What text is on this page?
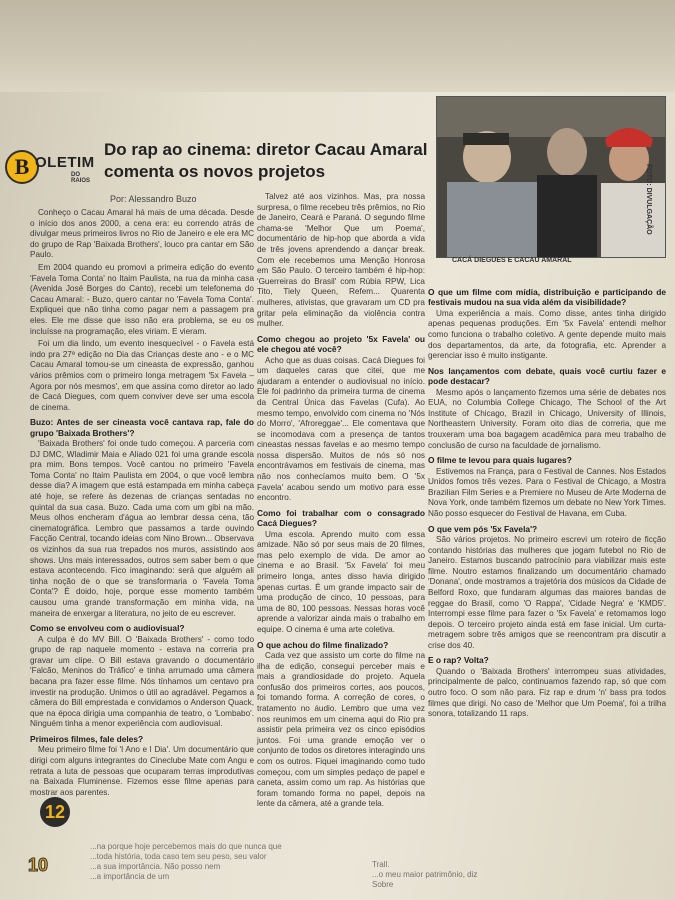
B OLETIM
DO RAIOS
Do rap ao cinema: diretor Cacau Amaral comenta os novos projetos
Por: Alessandro Buzo
CACÁ DIEGUES E CACAU AMARAL
FOTO: DIVULGAÇÃO

Conheço o Cacau Amaral há mais de uma década. Desde o início dos anos 2000, a cena era: eu correndo atrás de divulgar meus primeiros livros no Rio de Janeiro e ele era MC do grupo de Rap 'Baixada Brothers', louco pra cantar em São Paulo.

Em 2004 quando eu promovi a primeira edição do evento 'Favela Toma Conta' no Itaim Paulista, na rua da minha casa (Avenida José Borges do Canto), recebi um telefonema do Cacau Amaral: - Buzo, quero cantar no 'Favela Toma Conta'. Expliquei que não tinha como pagar nem a passagem pra eles. Ele me disse que isso não era problema, se eu os incluísse na programação, eles viriam. E vieram.

Foi um dia lindo, um evento inesquecível - o Favela está indo pra 27ª edição no Dia das Crianças deste ano - e o MC Cacau Amaral tomou-se um cineasta de expressão, ganhou vários prêmios com o primeiro longa metragem '5x Favela – Agora por nós mesmos', em que assina como diretor ao lado de Cacá Diegues, com quem conviver deve ser uma escola de cinema.

Buzo: Antes de ser cineasta você cantava rap, fale do grupo 'Baixada Brothers'?

'Baixada Brothers' foi onde tudo começou. A parceria com DJ DMC, Wladimir Maia e Aliado 021 foi uma grande escola pra mim. Bons tempos. Você cantou no primeiro 'Favela Toma Conta' no Itaim Paulista em 2004, o que você lembra desse dia? A imagem que está estampada em minha cabeça até hoje, se refere às dezenas de crianças sentadas no quintal da sua casa. Buzo. Cada uma com um gibi na mão. Meus olhos encheram d'água ao lembrar dessa cena, tão cinematográfica. Lembro que passamos a tarde ouvindo Facção Central, tocando ideias com Nino Brown... Observava os vizinhos da sua rua trepados nos muros, assistindo aos shows. Uns mais interessados, outros sem saber bem o que estava acontecendo. Fico imaginando: será que alguém ali tinha noção de o que se transformaria o 'Favela Toma Conta'? É doido, hoje, porque esse momento também causou uma grande transformação em minha vida, na maneira de enxergar a literatura, no jeito de eu escrever.

Como se envolveu com o audiovisual?

A culpa é do MV Bill. O 'Baixada Brothers' - como todo grupo de rap naquele momento - estava na correria pra gravar um clipe. O Bill estava gravando o documentário 'Falcão, Meninos do Tráfico' e tinha arrumado uma câmera bacana pra fazer esse filme. Nós tínhamos um centavo pra investir na produção. Unimos o útil ao agradável. Pegamos a câmera do Bill emprestada e convidamos o Anderson Quack, que na época dirigia uma companhia de teatro, o 'Lombabo'. Ninguém tinha a menor experiência com audiovisual.

Primeiros filmes, fale deles?

Meu primeiro filme foi 'I Ano e I Dia'. Um documentário que dirigi com alguns integrantes do Cineclube Mate com Angu e retrata a luta de pessoas que ocuparam terras improdutivas na Baixada Fluminense. Fizemos esse filme apenas para mostrar aos parentes.

Talvez até aos vizinhos. Mas, pra nossa surpresa, o filme recebeu três prêmios, no Rio de Janeiro, Ceará e Paraná. O segundo filme chama-se 'Melhor Que um Poema', documentário de hip-hop que aborda a vida de três jovens aprendendo a dançar break. Com ele recebemos uma Menção Honrosa em São Paulo. O terceiro também é hip-hop: 'Guerreiras do Brasil' com Rúbia RPW, Lica Tito, Tiely Queen, Refem... Quarenta mulheres, ativistas, que gravaram um CD pra gritar pela eliminação da violência contra mulher.

Como chegou ao projeto '5x Favela' ou ele chegou até você?

Acho que as duas coisas. Cacá Diegues foi um daqueles caras que citei, que me ajudaram a entender o audiovisual no início. Ele foi padrinho da primeira turma de cinema da Central Única das Favelas (Cufa). Ao mesmo tempo, envolvido com cinema no 'Nós do Morro', 'Afroreggae'... Ele comentava que se incomodava com a presença de tantos cineastas nessas favelas e ao mesmo tempo nossa dispersão. Muitos de nós só nos encontrávamos em festivais de cinema, mas não nos conhecíamos muito bem. O '5x Favela' acabou sendo um motivo para esse encontro.

Como foi trabalhar com o consagrado Cacá Diegues?

Uma escola. Aprendo muito com essa amizade. Não só por seus mais de 20 filmes, mas pelo exemplo de vida. De amor ao cinema e ao Brasil. '5x Favela' foi meu primeiro longa, antes disso havia dirigido apenas curtas. É um grande impacto sair de uma produção de cinco, 10 pessoas, para uma de 80, 100 pessoas. Nessas horas você aprende a valorizar ainda mais o trabalho em equipe. O cinema é uma arte coletiva.

O que achou do filme finalizado?

Cada vez que assisto um corte do filme na ilha de edição, consegui perceber mais e mais a grandiosidade do projeto. Aquela confusão dos primeiros cortes, aos poucos, foi tomando forma. A correção de cores, o tratamento no áudio. Lembro que uma vez nos reunimos em um cinema aqui do Rio pra assistir pela primeira vez os cinco episódios juntos. Foi uma grande emoção ver o conjunto de todos os diretores interagindo uns com os outros. Fiquei imaginando como tudo começou, com um simples pedaço de papel e caneta, assim como um rap. As histórias que foram tomando forma no papel, depois na lente da câmera, até a grande tela.

O que um filme com mídia, distribuição e participando de festivais mudou na sua vida além da visibilidade?

Uma experiência a mais. Como disse, antes tinha dirigido apenas pequenas produções. Em '5x Favela' entendi melhor como funciona o trabalho coletivo. A gente depende muito mais dos departamentos, da arte, da fotografia, etc. Aprender a gerenciar isso é muito instigante.

Nos lançamentos com debate, quais você curtiu fazer e pode destacar?

Mesmo após o lançamento fizemos uma série de debates nos EUA, no Columbia College Chicago, The School of the Art Institute of Chicago, Brazil in Chicago, University of Illinois, Northeastern University. Foram oito dias de correria, que me trouxeram uma boa bagagem acadêmica para meu trabalho de conclusão de curso na faculdade de jornalismo.

O filme te levou para quais lugares?

Estivemos na França, para o Festival de Cannes. Nos Estados Unidos fomos três vezes. Para o Festival de Chicago, a Mostra Brazilian Film Series e a Premiere no Museu de Arte Moderna de Nova York, onde também fizemos um debate no New York Times. Não posso esquecer do Festival de Havana, em Cuba.

O que vem pós '5x Favela'?

São vários projetos. No primeiro escrevi um roteiro de ficção contando histórias das mulheres que jogam futebol no Rio de Janeiro. Estamos buscando patrocínio para viabilizar mais este filme. Noutro estamos finalizando um documentário chamado 'Donana', onde mostramos a trajetória dos músicos da Cidade de Belford Roxo, que fundaram algumas das maiores bandas de reggae do Brasil, como 'O Rappa', 'Cidade Negra' e 'KMD5'. Interrompi esse filme para fazer o '5x Favela' e retomamos logo depois. O terceiro projeto ainda está em fase inicial. Um curta-metragem sobre três amigos que se reencontram pra discutir a crise dos 40.

E o rap? Volta?

Quando o 'Baixada Brothers' interrompeu suas atividades, principalmente de palco, continuamos fazendo rap, só que com outro foco. O som não para. Fiz rap e drum 'n' bass pra todos filmes que dirigi. No caso de 'Melhor que Um Poema', foi a trilha sonora, totalizando 11 raps.

12
10
...na porque hoje percebemos mais do que nunca que
...toda história, toda caso tem seu peso, seu valor
...a sua importância. Não posso nem
...a importância de um
Trall.
...o meu maior patrimônio, diz
Sobre
